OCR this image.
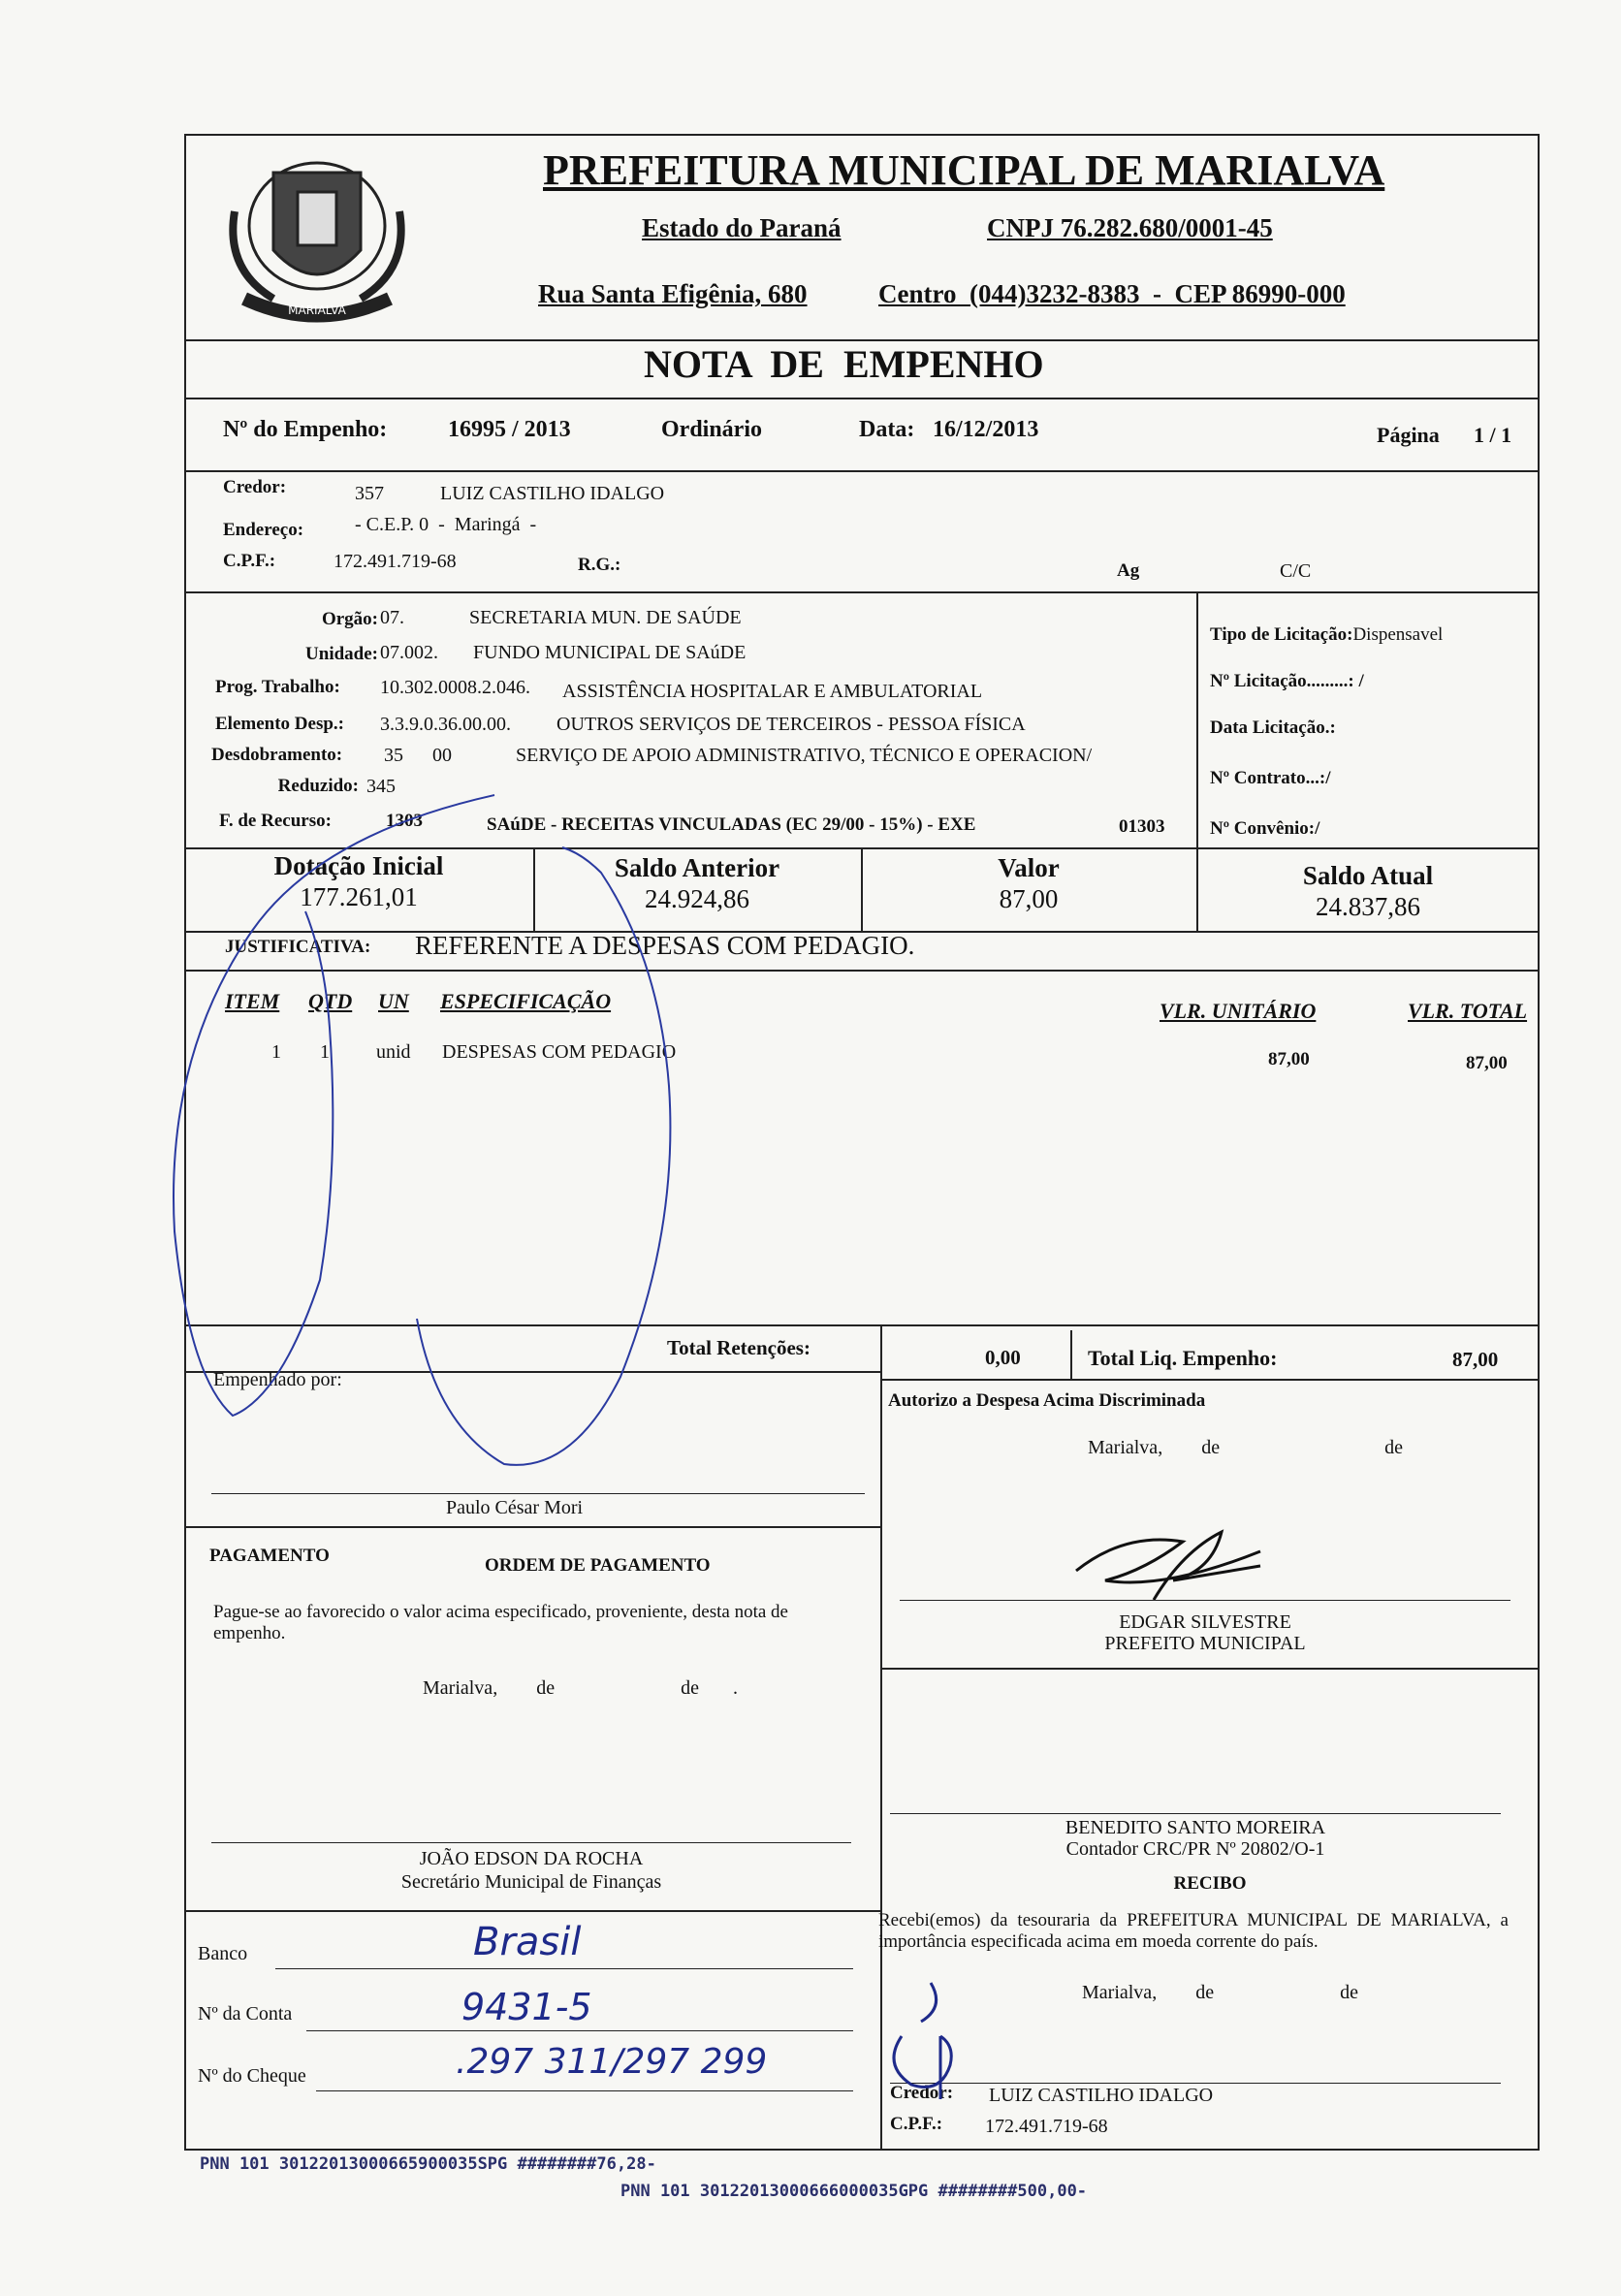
MARIALVA
PREFEITURA MUNICIPAL DE MARIALVA
Estado do Paraná	CNPJ 76.282.680/0001-45
Rua Santa Efigênia, 680	Centro  (044)3232-8383  -  CEP 86990-000
NOTA  DE  EMPENHO
Nº do Empenho:	16995 / 2013	Ordinário	Data: 16/12/2013	Página 1 / 1
Credor:	357	LUIZ CASTILHO IDALGO
Endereço:	- C.E.P. 0  -  Maringá  -
C.P.F.:	172.491.719-68	R.G.:	Ag	C/C
Orgão: 07.	SECRETARIA MUN. DE SAÚDE
Unidade: 07.002. FUNDO MUNICIPAL DE SAúDE
Prog. Trabalho: 10.302.0008.2.046. ASSISTÊNCIA HOSPITALAR E AMBULATORIAL
Elemento Desp.: 3.3.9.0.36.00.00. OUTROS SERVIÇOS DE TERCEIROS - PESSOA FÍSICA
Desdobramento: 35      00	SERVIÇO DE APOIO ADMINISTRATIVO, TÉCNICO E OPERACION/
Reduzido: 345
F. de Recurso:	1303	SAúDE - RECEITAS VINCULADAS (EC 29/00 - 15%) - EXE	01303
Tipo de Licitação:Dispensavel
Nº Licitação.........: /
Data Licitação.:
Nº Contrato...:/
Nº Convênio:/
Dotação Inicial
177.261,01
Saldo Anterior
24.924,86
Valor
87,00
Saldo Atual
24.837,86
JUSTIFICATIVA: REFERENTE A DESPESAS COM PEDAGIO.
ITEM QTD UN ESPECIFICAÇÃO	VLR. UNITÁRIO	VLR. TOTAL
1 1 unid DESPESAS COM PEDAGIO	87,00	87,00
Total Retenções:	0,00	Total Liq. Empenho:	87,00
Empenhado por:
Autorizo a Despesa Acima Discriminada
Marialva,        de                                  de
Paulo César Mori
PAGAMENTO	ORDEM DE PAGAMENTO
Pague-se ao favorecido o valor acima especificado, proveniente, desta nota de empenho.
Marialva,        de                          de       .
EDGAR SILVESTRE
PREFEITO MUNICIPAL
BENEDITO SANTO MOREIRA
Contador CRC/PR Nº 20802/O-1
RECIBO
Recebi(emos) da tesouraria da PREFEITURA MUNICIPAL DE MARIALVA, a importância especificada acima em moeda corrente do país.
Marialva,        de                          de
Credor: LUIZ CASTILHO IDALGO
C.P.F.: 172.491.719-68
JOÃO EDSON DA ROCHA
Secretário Municipal de Finanças
Banco	Brasil
Nº da Conta	9431-5
Nº do Cheque	.297 311/297 299
PNN 101 30122013000665900035SPG ########76,28-
PNN 101 30122013000666000035GPG ########500,00-
